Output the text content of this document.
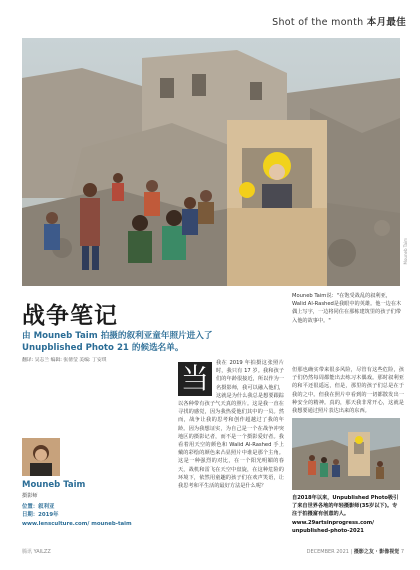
Shot of the month 本月最佳
Mouneb Taim
Mouneb Taim说："在饱受战乱的叙利亚，Walid Al-Rashed是我眼中的英雄。他一边在木偶上写字，一边将同住在那栋建筑里的孩子们带入他的故事中。"
战争笔记
由 Mouneb Taim 拍摄的叙利亚童年照片进入了 Unupblished Photo 21 的候选名单。
翻译: 吴志兰 编辑: 张倩莹 美编: 丁安琪
当	我在 2019 年拍摄这张照片时，我只有 17 岁。我和孩子们的年龄很接近，所以作为一名摄影师，我可以融入他们，这就是为什么我总是想要跟踪以各种带有孩子气天真的照片。这是我一直在寻找的感觉，因为我热爱他们其中的一员。然而，战争让我的思考和创作超越过了我的年龄。因为我想证实，为自己是一个在战争冲突地区的摄影记者，而不是一个摄影爱好者。我看着用天空的颜色和 Walid Al-Rashed 手上戴的彩绘的颜色来凸显照片中谁是那个主角。这是一种强烈的对比，在一个阳光明媚的春天，战机和雷飞在天空中盘旋，在这种危险的环境下，依然用童趣的孩子们在欢声笑语，让我思考和平生活的最好方法是什么呢？
但那也确实带来很多风险，尽管有这些危险，孩子们仍然每周都能出去练习木偶戏。那时叙利亚的和平还很遥远，但是，那里的孩子们总是在于我的之中。但我在照片中看到的一切都散发出一种安全的精神。真的，那天我非常开心，这就是我想要通过照片表达出来的东西。
Mouneb Taim
摄影师
位置：叙利亚
日期：2019年
www.lensculture.com/ mouneb-taim
自2018年以来，Unpublished Photo吸引了来自世界各地的年轻摄影师(35岁以下)。专注于拍摄富有创意的人。www.29artsinprogress.com/ unpublished-photo-2021
腾讯 YAILZZ	DECEMBER 2021 | 摄影之友 · 影像视觉 7
